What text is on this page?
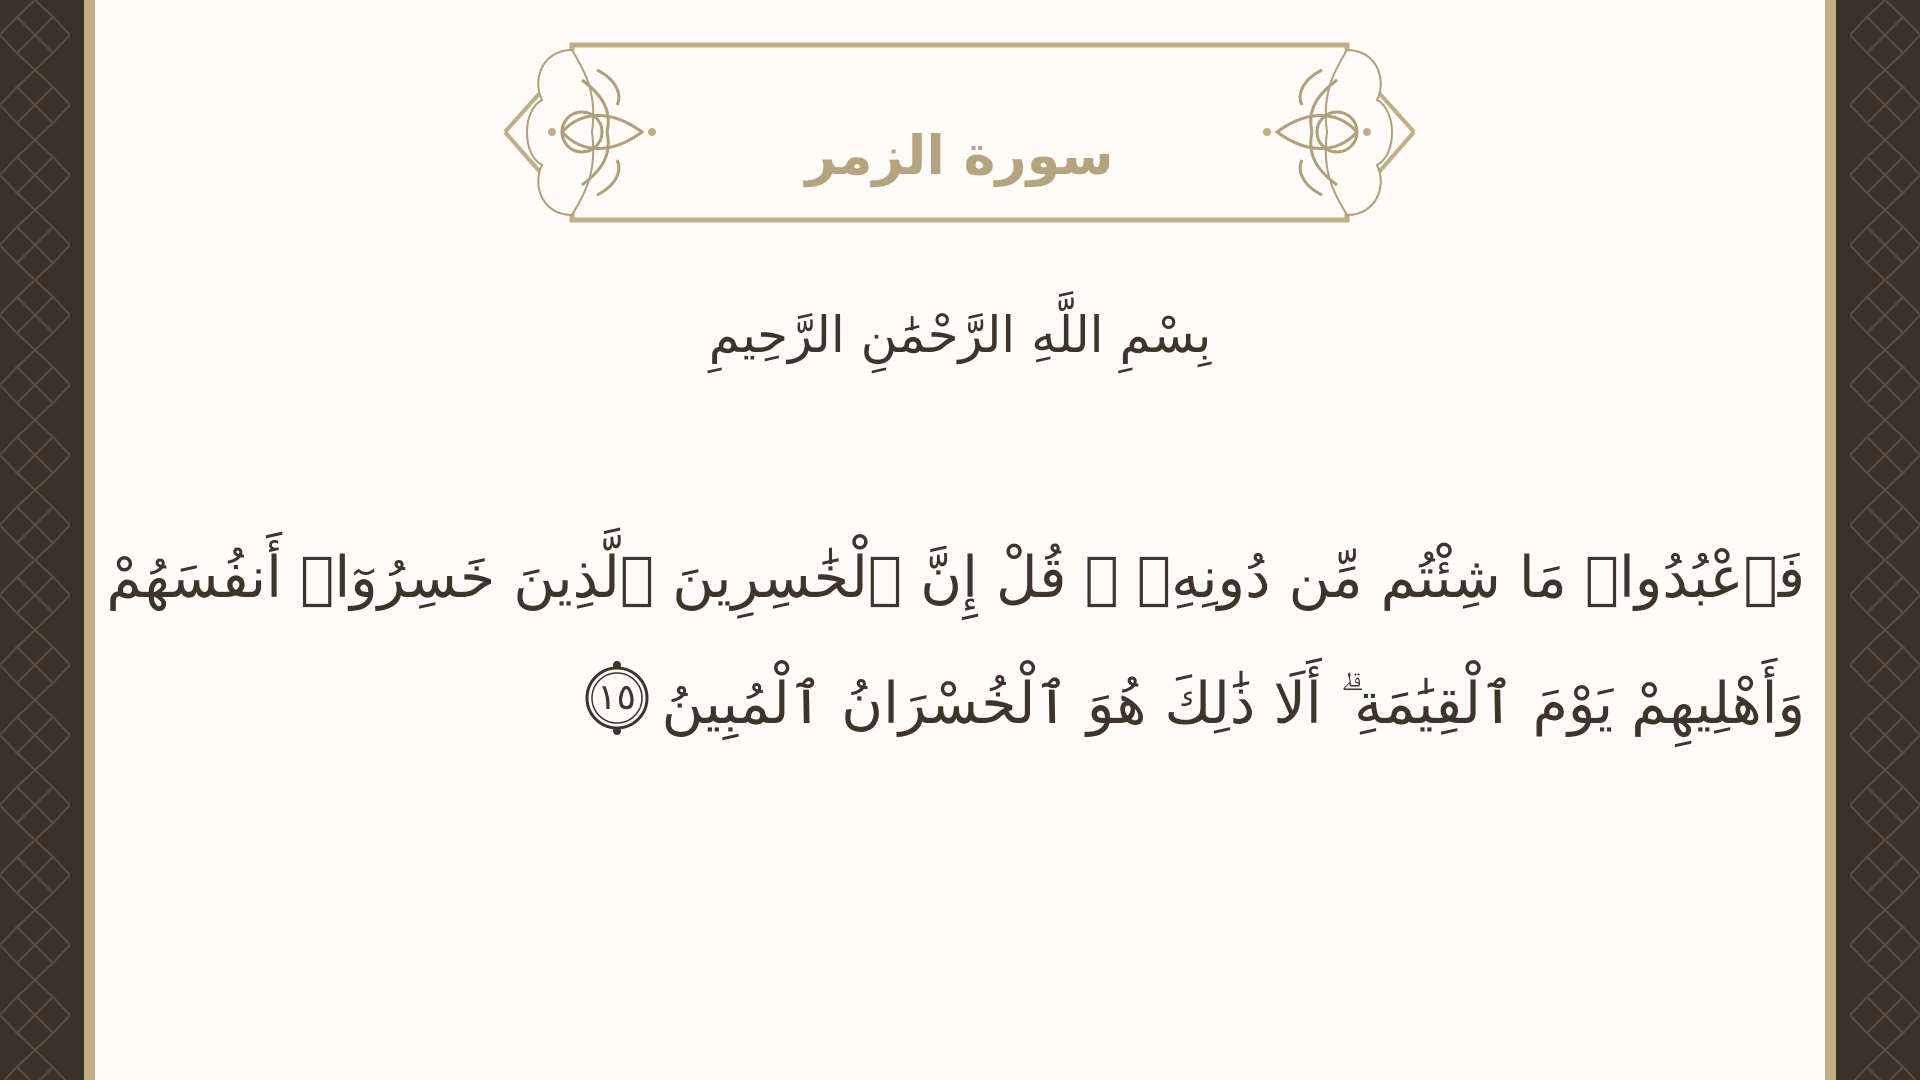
سورة الزمر
بِسْمِ اللَّهِ الرَّحْمَٰنِ الرَّحِيمِ
فَٱعْبُدُوا۟ مَا شِئْتُم مِّن دُونِهِۦ ۗ قُلْ إِنَّ ٱلْخَٰسِرِينَ ٱلَّذِينَ خَسِرُوٓا۟ أَنفُسَهُمْ
وَأَهْلِيهِمْ يَوْمَ ٱلْقِيَٰمَةِ ۗ أَلَا ذَٰلِكَ هُوَ ٱلْخُسْرَانُ ٱلْمُبِينُ
١٥
